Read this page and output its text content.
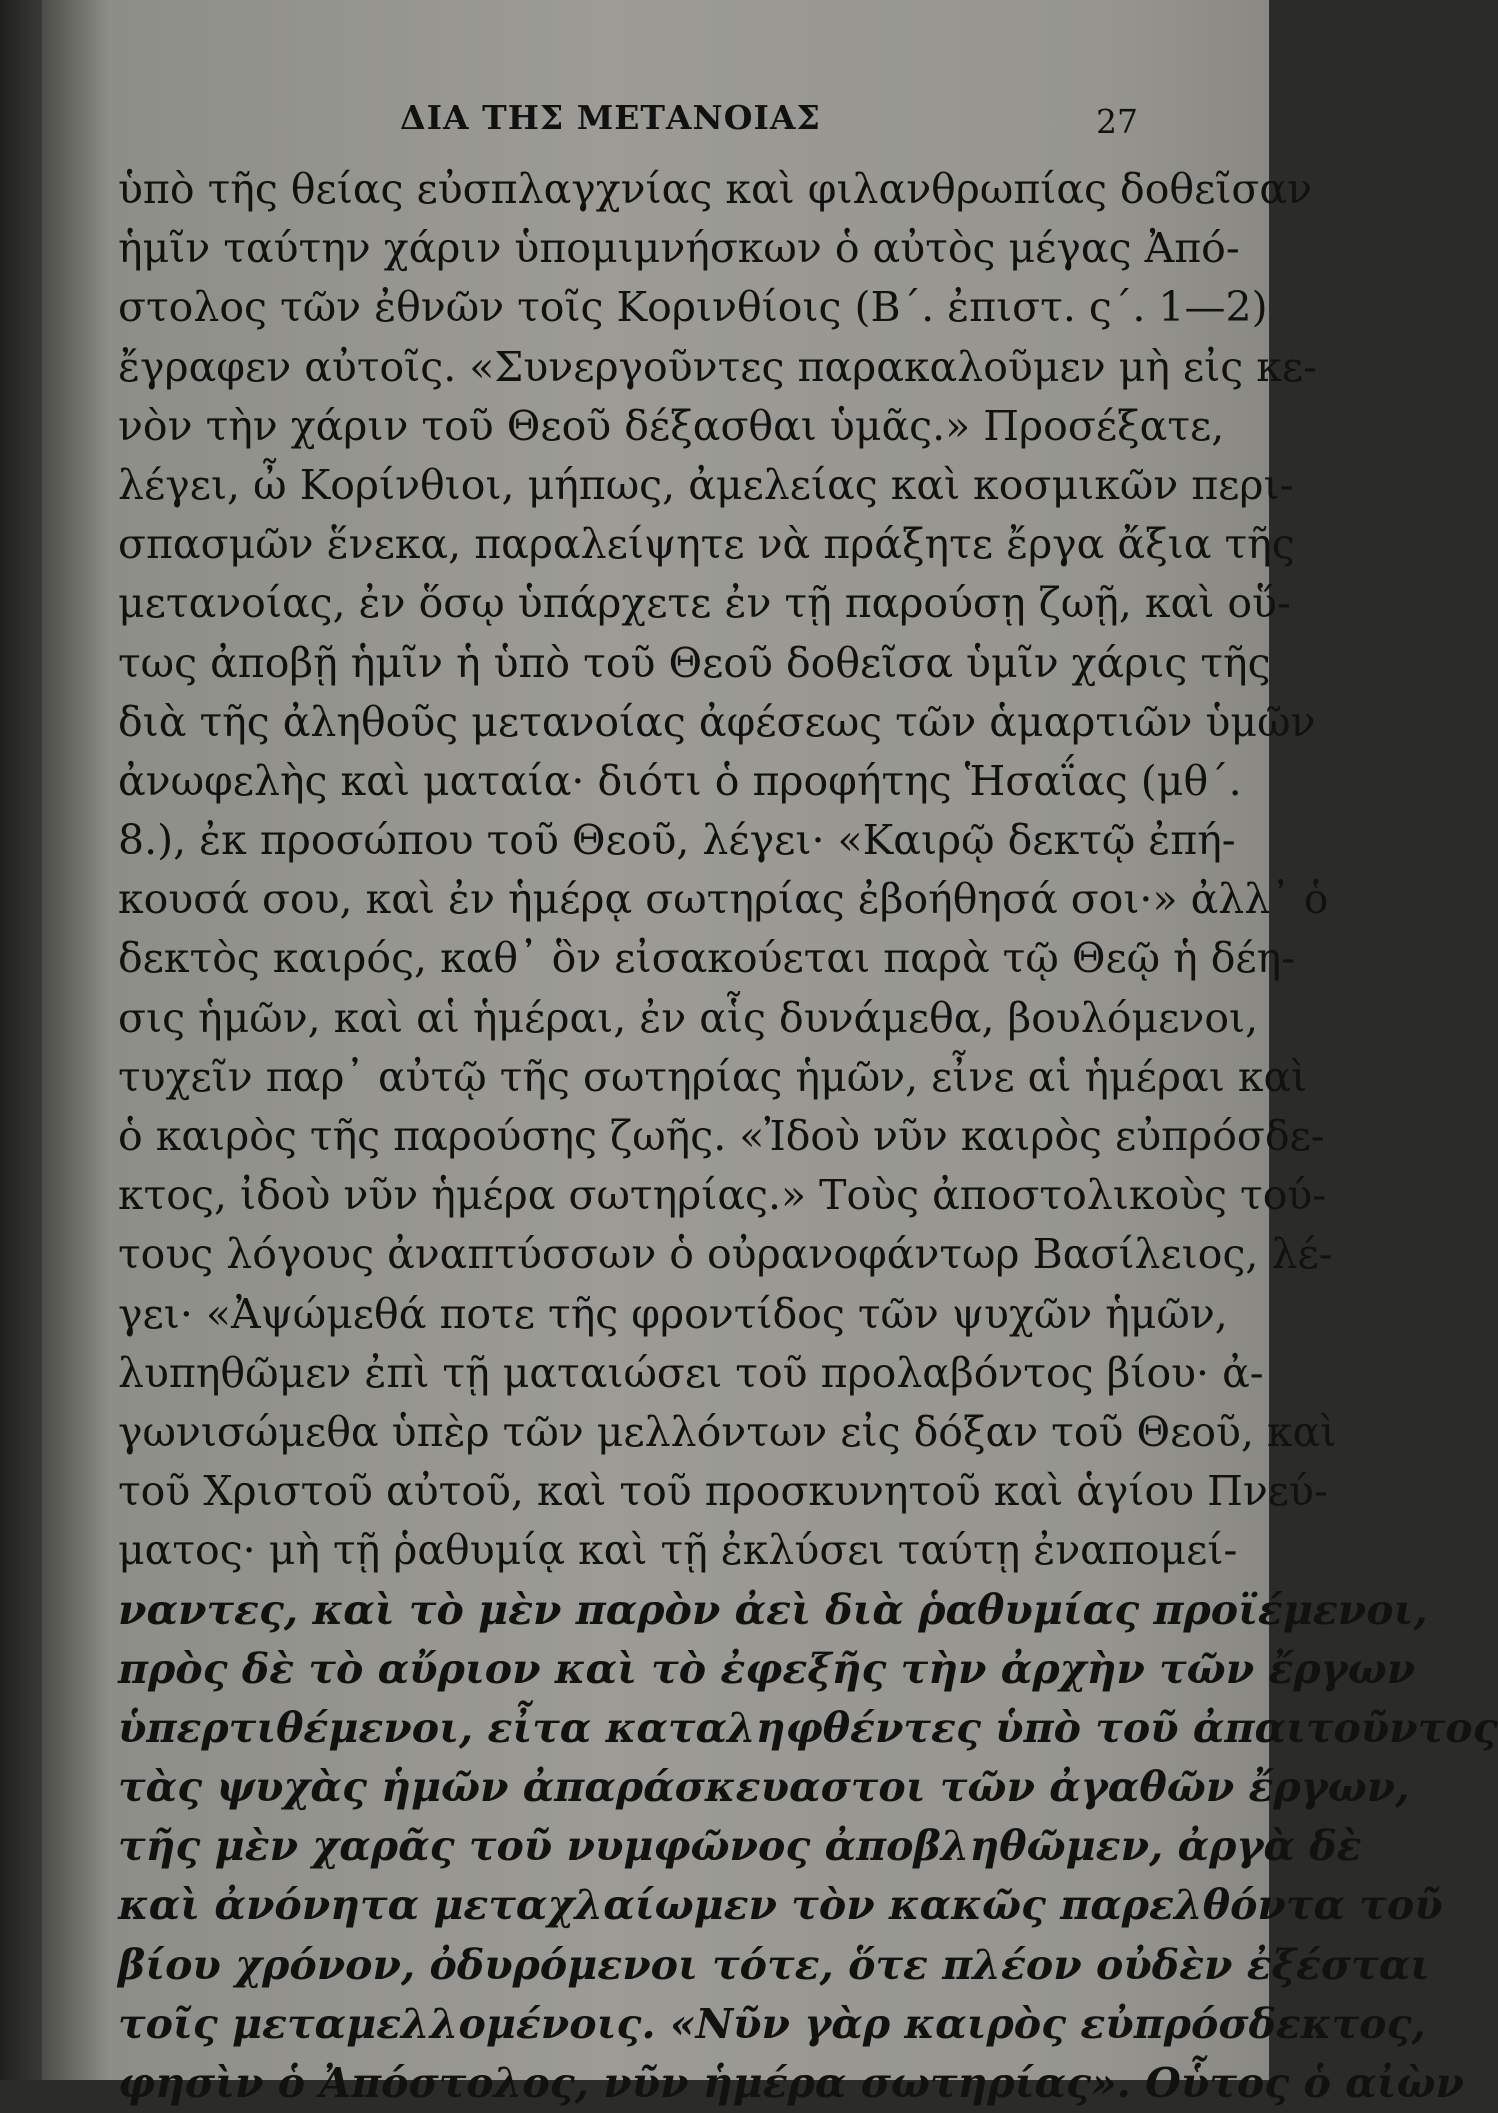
ΔΙΑ ΤΗΣ ΜΕΤΑΝΟΙΑΣ	27
ὑπὸ τῆς θείας εὐσπλαγχνίας καὶ φιλανθρωπίας δοθεῖσαν
ἡμῖν ταύτην χάριν ὑπομιμνήσκων ὁ αὐτὸς μέγας Ἀπό-
στολος τῶν ἐθνῶν τοῖς Κορινθίοις (Β΄. ἐπιστ. ς΄. 1—2)
ἔγραφεν αὐτοῖς. «Συνεργοῦντες παρακαλοῦμεν μὴ εἰς κε-
νὸν τὴν χάριν τοῦ Θεοῦ δέξασθαι ὑμᾶς.» Προσέξατε,
λέγει, ὦ Κορίνθιοι, μήπως, ἀμελείας καὶ κοσμικῶν περι-
σπασμῶν ἕνεκα, παραλείψητε νὰ πράξητε ἔργα ἄξια τῆς
μετανοίας, ἐν ὅσῳ ὑπάρχετε ἐν τῇ παρούσῃ ζωῇ, καὶ οὕ-
τως ἀποβῇ ἡμῖν ἡ ὑπὸ τοῦ Θεοῦ δοθεῖσα ὑμῖν χάρις τῆς
διὰ τῆς ἀληθοῦς μετανοίας ἀφέσεως τῶν ἁμαρτιῶν ὑμῶν
ἀνωφελὴς καὶ ματαία· διότι ὁ προφήτης Ἡσαΐας (μθ΄.
8.), ἐκ προσώπου τοῦ Θεοῦ, λέγει· «Καιρῷ δεκτῷ ἐπή-
κουσά σου, καὶ ἐν ἡμέρᾳ σωτηρίας ἐβοήθησά σοι·» ἀλλ᾽ ὁ
δεκτὸς καιρός, καθ᾽ ὃν εἰσακούεται παρὰ τῷ Θεῷ ἡ δέη-
σις ἡμῶν, καὶ αἱ ἡμέραι, ἐν αἷς δυνάμεθα, βουλόμενοι,
τυχεῖν παρ᾽ αὐτῷ τῆς σωτηρίας ἡμῶν, εἶνε αἱ ἡμέραι καὶ
ὁ καιρὸς τῆς παρούσης ζωῆς. «Ἰδοὺ νῦν καιρὸς εὐπρόσδε-
κτος, ἰδοὺ νῦν ἡμέρα σωτηρίας.» Τοὺς ἀποστολικοὺς τού-
τους λόγους ἀναπτύσσων ὁ οὐρανοφάντωρ Βασίλειος, λέ-
γει· «Ἀψώμεθά ποτε τῆς φροντίδος τῶν ψυχῶν ἡμῶν,
λυπηθῶμεν ἐπὶ τῇ ματαιώσει τοῦ προλαβόντος βίου· ἀ-
γωνισώμεθα ὑπὲρ τῶν μελλόντων εἰς δόξαν τοῦ Θεοῦ, καὶ
τοῦ Χριστοῦ αὐτοῦ, καὶ τοῦ προσκυνητοῦ καὶ ἁγίου Πνεύ-
ματος· μὴ τῇ ῥαθυμίᾳ καὶ τῇ ἐκλύσει ταύτῃ ἐναπομεί-
ναντες, καὶ τὸ μὲν παρὸν ἀεὶ διὰ ῥαθυμίας προϊέμενοι,
πρὸς δὲ τὸ αὔριον καὶ τὸ ἐφεξῆς τὴν ἀρχὴν τῶν ἔργων
ὑπερτιθέμενοι, εἶτα καταληφθέντες ὑπὸ τοῦ ἀπαιτοῦντος
τὰς ψυχὰς ἡμῶν ἀπαράσκευαστοι τῶν ἀγαθῶν ἔργων,
τῆς μὲν χαρᾶς τοῦ νυμφῶνος ἀποβληθῶμεν, ἀργὰ δὲ
καὶ ἀνόνητα μεταχλαίωμεν τὸν κακῶς παρελθόντα τοῦ
βίου χρόνον, ὀδυρόμενοι τότε, ὅτε πλέον οὐδὲν ἐξέσται
τοῖς μεταμελλομένοις. «Νῦν γὰρ καιρὸς εὐπρόσδεκτος,
φησὶν ὁ Ἀπόστολος, νῦν ἡμέρα σωτηρίας». Οὗτος ὁ αἰὼν
